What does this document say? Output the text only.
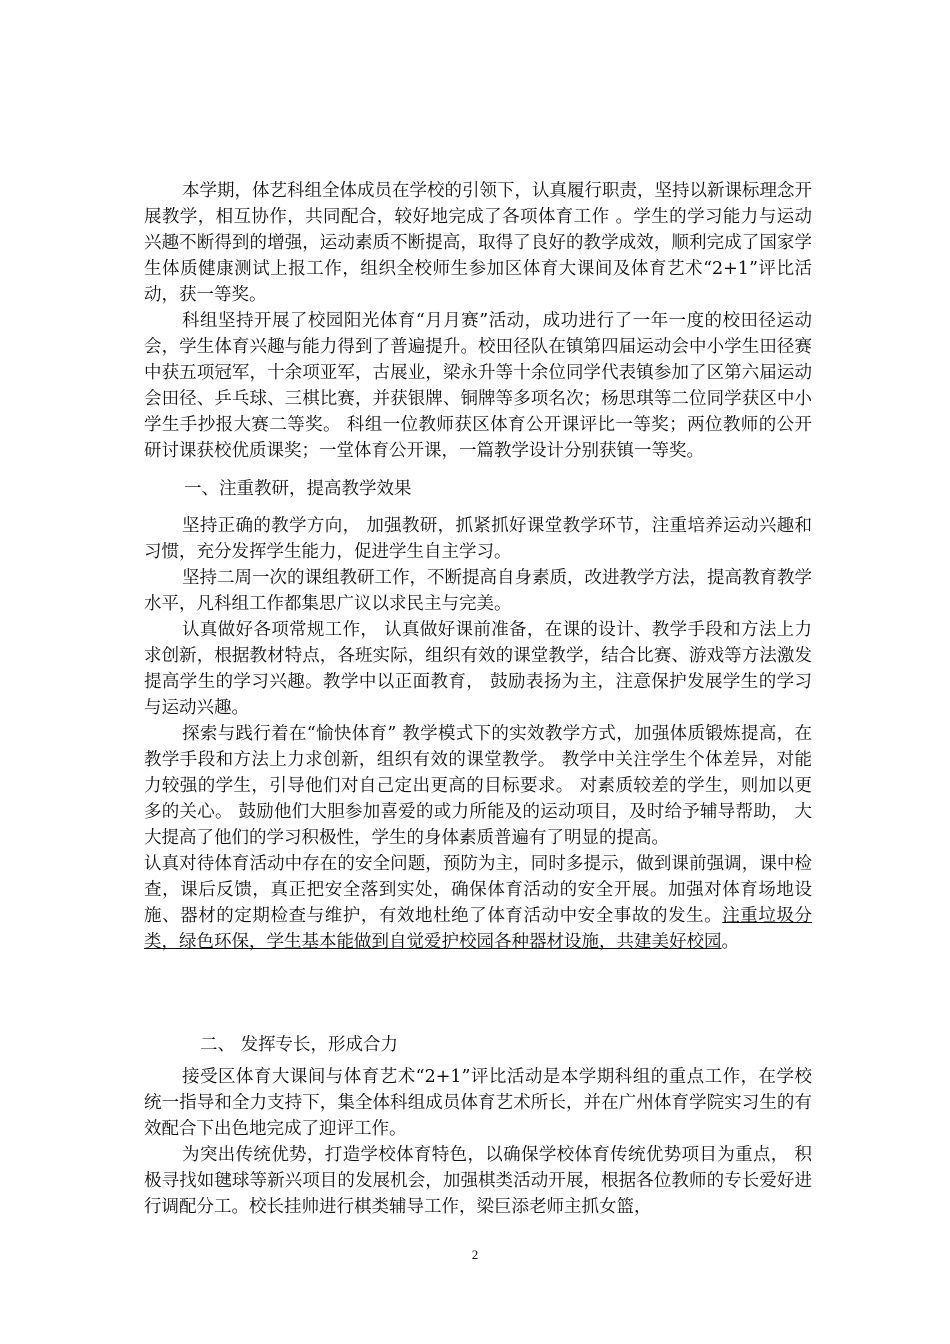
本学期，体艺科组全体成员在学校的引领下，认真履行职责，坚持以新课标理念开展教学，相互协作，共同配合，较好地完成了各项体育工作 。学生的学习能力与运动兴趣不断得到的增强，运动素质不断提高，取得了良好的教学成效，顺利完成了国家学生体质健康测试上报工作，组织全校师生参加区体育大课间及体育艺术“2+1”评比活动，获一等奖。

科组坚持开展了校园阳光体育“月月赛”活动，成功进行了一年一度的校田径运动会，学生体育兴趣与能力得到了普遍提升。校田径队在镇第四届运动会中小学生田径赛中获五项冠军，十余项亚军，古展业，梁永升等十余位同学代表镇参加了区第六届运动会田径、乒乓球、三棋比赛，并获银牌、铜牌等多项名次；杨思琪等二位同学获区中小学生手抄报大赛二等奖。 科组一位教师获区体育公开课评比一等奖；两位教师的公开研讨课获校优质课奖；一堂体育公开课，一篇教学设计分别获镇一等奖。

一、注重教研，提高教学效果

坚持正确的教学方向， 加强教研，抓紧抓好课堂教学环节，注重培养运动兴趣和习惯，充分发挥学生能力，促进学生自主学习。

坚持二周一次的课组教研工作，不断提高自身素质，改进教学方法，提高教育教学水平，凡科组工作都集思广议以求民主与完美。

认真做好各项常规工作， 认真做好课前准备，在课的设计、教学手段和方法上力求创新，根据教材特点，各班实际，组织有效的课堂教学，结合比赛、游戏等方法激发提高学生的学习兴趣。教学中以正面教育， 鼓励表扬为主，注意保护发展学生的学习与运动兴趣。

探索与践行着在“愉快体育” 教学模式下的实效教学方式，加强体质锻炼提高，在教学手段和方法上力求创新，组织有效的课堂教学。 教学中关注学生个体差异，对能力较强的学生，引导他们对自己定出更高的目标要求。 对素质较差的学生，则加以更多的关心。 鼓励他们大胆参加喜爱的或力所能及的运动项目，及时给予辅导帮助， 大大提高了他们的学习积极性，学生的身体素质普遍有了明显的提高。

认真对待体育活动中存在的安全问题，预防为主，同时多提示，做到课前强调，课中检查，课后反馈，真正把安全落到实处，确保体育活动的安全开展。加强对体育场地设施、器材的定期检查与维护，有效地杜绝了体育活动中安全事故的发生。注重垃圾分类，绿色环保，学生基本能做到自觉爱护校园各种器材设施，共建美好校园。

二、 发挥专长，形成合力

接受区体育大课间与体育艺术“2+1”评比活动是本学期科组的重点工作，在学校统一指导和全力支持下，集全体科组成员体育艺术所长，并在广州体育学院实习生的有效配合下出色地完成了迎评工作。

为突出传统优势，打造学校体育特色，以确保学校体育传统优势项目为重点， 积极寻找如毽球等新兴项目的发展机会，加强棋类活动开展，根据各位教师的专长爱好进行调配分工。校长挂帅进行棋类辅导工作，梁巨添老师主抓女篮，

2
